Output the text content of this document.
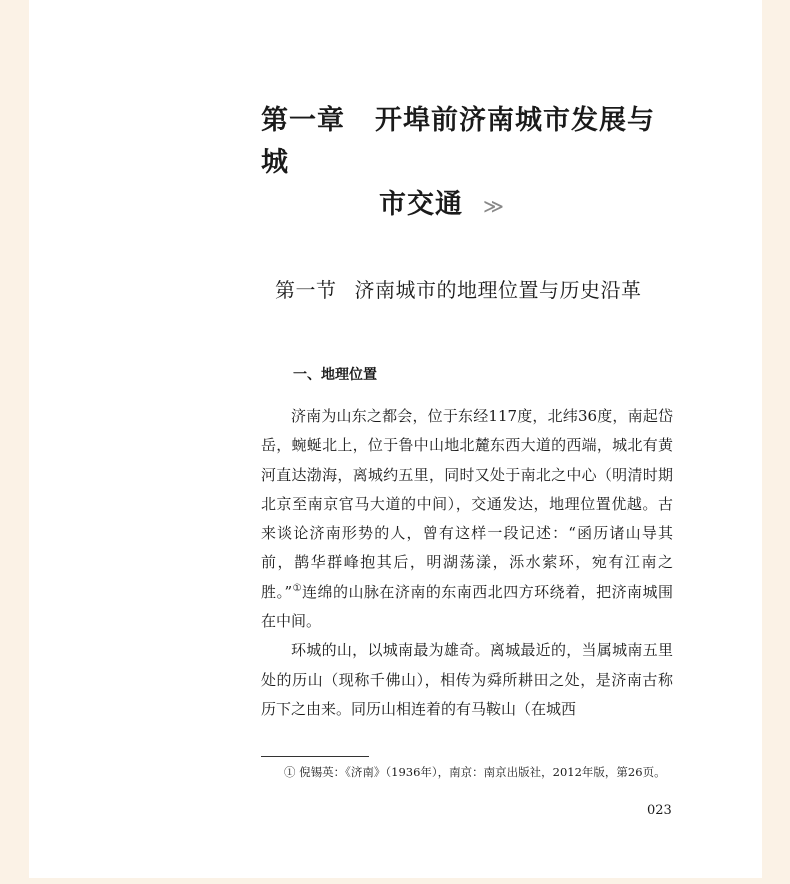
第一章 开埠前济南城市发展与城
市交通 ≫
第一节 济南城市的地理位置与历史沿革
一、地理位置

济南为山东之都会，位于东经117度，北纬36度，南起岱岳，蜿蜒北上，位于鲁中山地北麓东西大道的西端，城北有黄河直达渤海，离城约五里，同时又处于南北之中心（明清时期北京至南京官马大道的中间），交通发达，地理位置优越。古来谈论济南形势的人，曾有这样一段记述：“函历诸山导其前，鹊华群峰抱其后，明湖荡漾，泺水萦环，宛有江南之胜。”①连绵的山脉在济南的东南西北四方环绕着，把济南城围在中间。

环城的山，以城南最为雄奇。离城最近的，当属城南五里处的历山（现称千佛山），相传为舜所耕田之处，是济南古称历下之由来。同历山相连着的有马鞍山（在城西

① 倪锡英：《济南》（1936年），南京：南京出版社，2012年版，第26页。
023
